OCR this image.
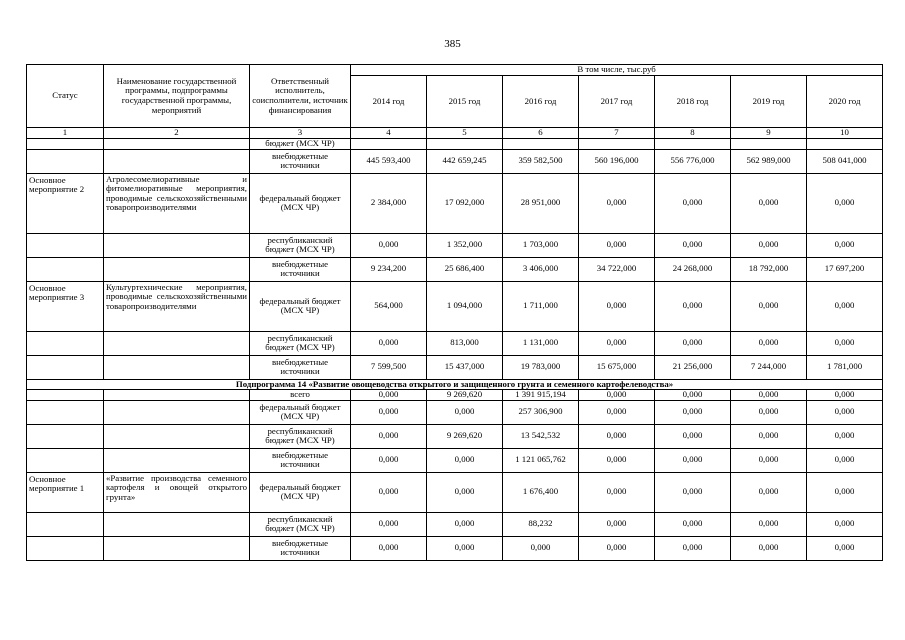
385
Статус	Наименование государственной программы, подпрограммы государственной программы, мероприятий	Ответственный исполнитель, соисполнители, источник финансирования	В том числе, тыс.руб						
			2014 год	2015 год	2016 год	2017 год	2018 год	2019 год	2020 год
1	2	3	4	5	6	7	8	9	10
		бюджет (МСХ ЧР)							
		внебюджетные источники	445 593,400	442 659,245	359 582,500	560 196,000	556 776,000	562 989,000	508 041,000
Основное мероприятие 2	Агролесомелиоративные и фитомелиоративные мероприятия, проводимые сельскохозяйственными товаропроизводителями	федеральный бюджет (МСХ ЧР)	2 384,000	17 092,000	28 951,000	0,000	0,000	0,000	0,000
		республиканский бюджет (МСХ ЧР)	0,000	1 352,000	1 703,000	0,000	0,000	0,000	0,000
		внебюджетные источники	9 234,200	25 686,400	3 406,000	34 722,000	24 268,000	18 792,000	17 697,200
Основное мероприятие 3	Культуртехнические мероприятия, проводимые сельскохозяйственными товаропроизводителями	федеральный бюджет (МСХ ЧР)	564,000	1 094,000	1 711,000	0,000	0,000	0,000	0,000
		республиканский бюджет (МСХ ЧР)	0,000	813,000	1 131,000	0,000	0,000	0,000	0,000
		внебюджетные источники	7 599,500	15 437,000	19 783,000	15 675,000	21 256,000	7 244,000	1 781,000
Подпрограмма 14 «Развитие овощеводства открытого и защищенного грунта и семенного картофелеводства»									
		всего	0,000	9 269,620	1 391 915,194	0,000	0,000	0,000	0,000
		федеральный бюджет (МСХ ЧР)	0,000	0,000	257 306,900	0,000	0,000	0,000	0,000
		республиканский бюджет (МСХ ЧР)	0,000	9 269,620	13 542,532	0,000	0,000	0,000	0,000
		внебюджетные источники	0,000	0,000	1 121 065,762	0,000	0,000	0,000	0,000
Основное мероприятие 1	«Развитие производства семенного картофеля и овощей открытого грунта»	федеральный бюджет (МСХ ЧР)	0,000	0,000	1 676,400	0,000	0,000	0,000	0,000
		республиканский бюджет (МСХ ЧР)	0,000	0,000	88,232	0,000	0,000	0,000	0,000
		внебюджетные источники	0,000	0,000	0,000	0,000	0,000	0,000	0,000
